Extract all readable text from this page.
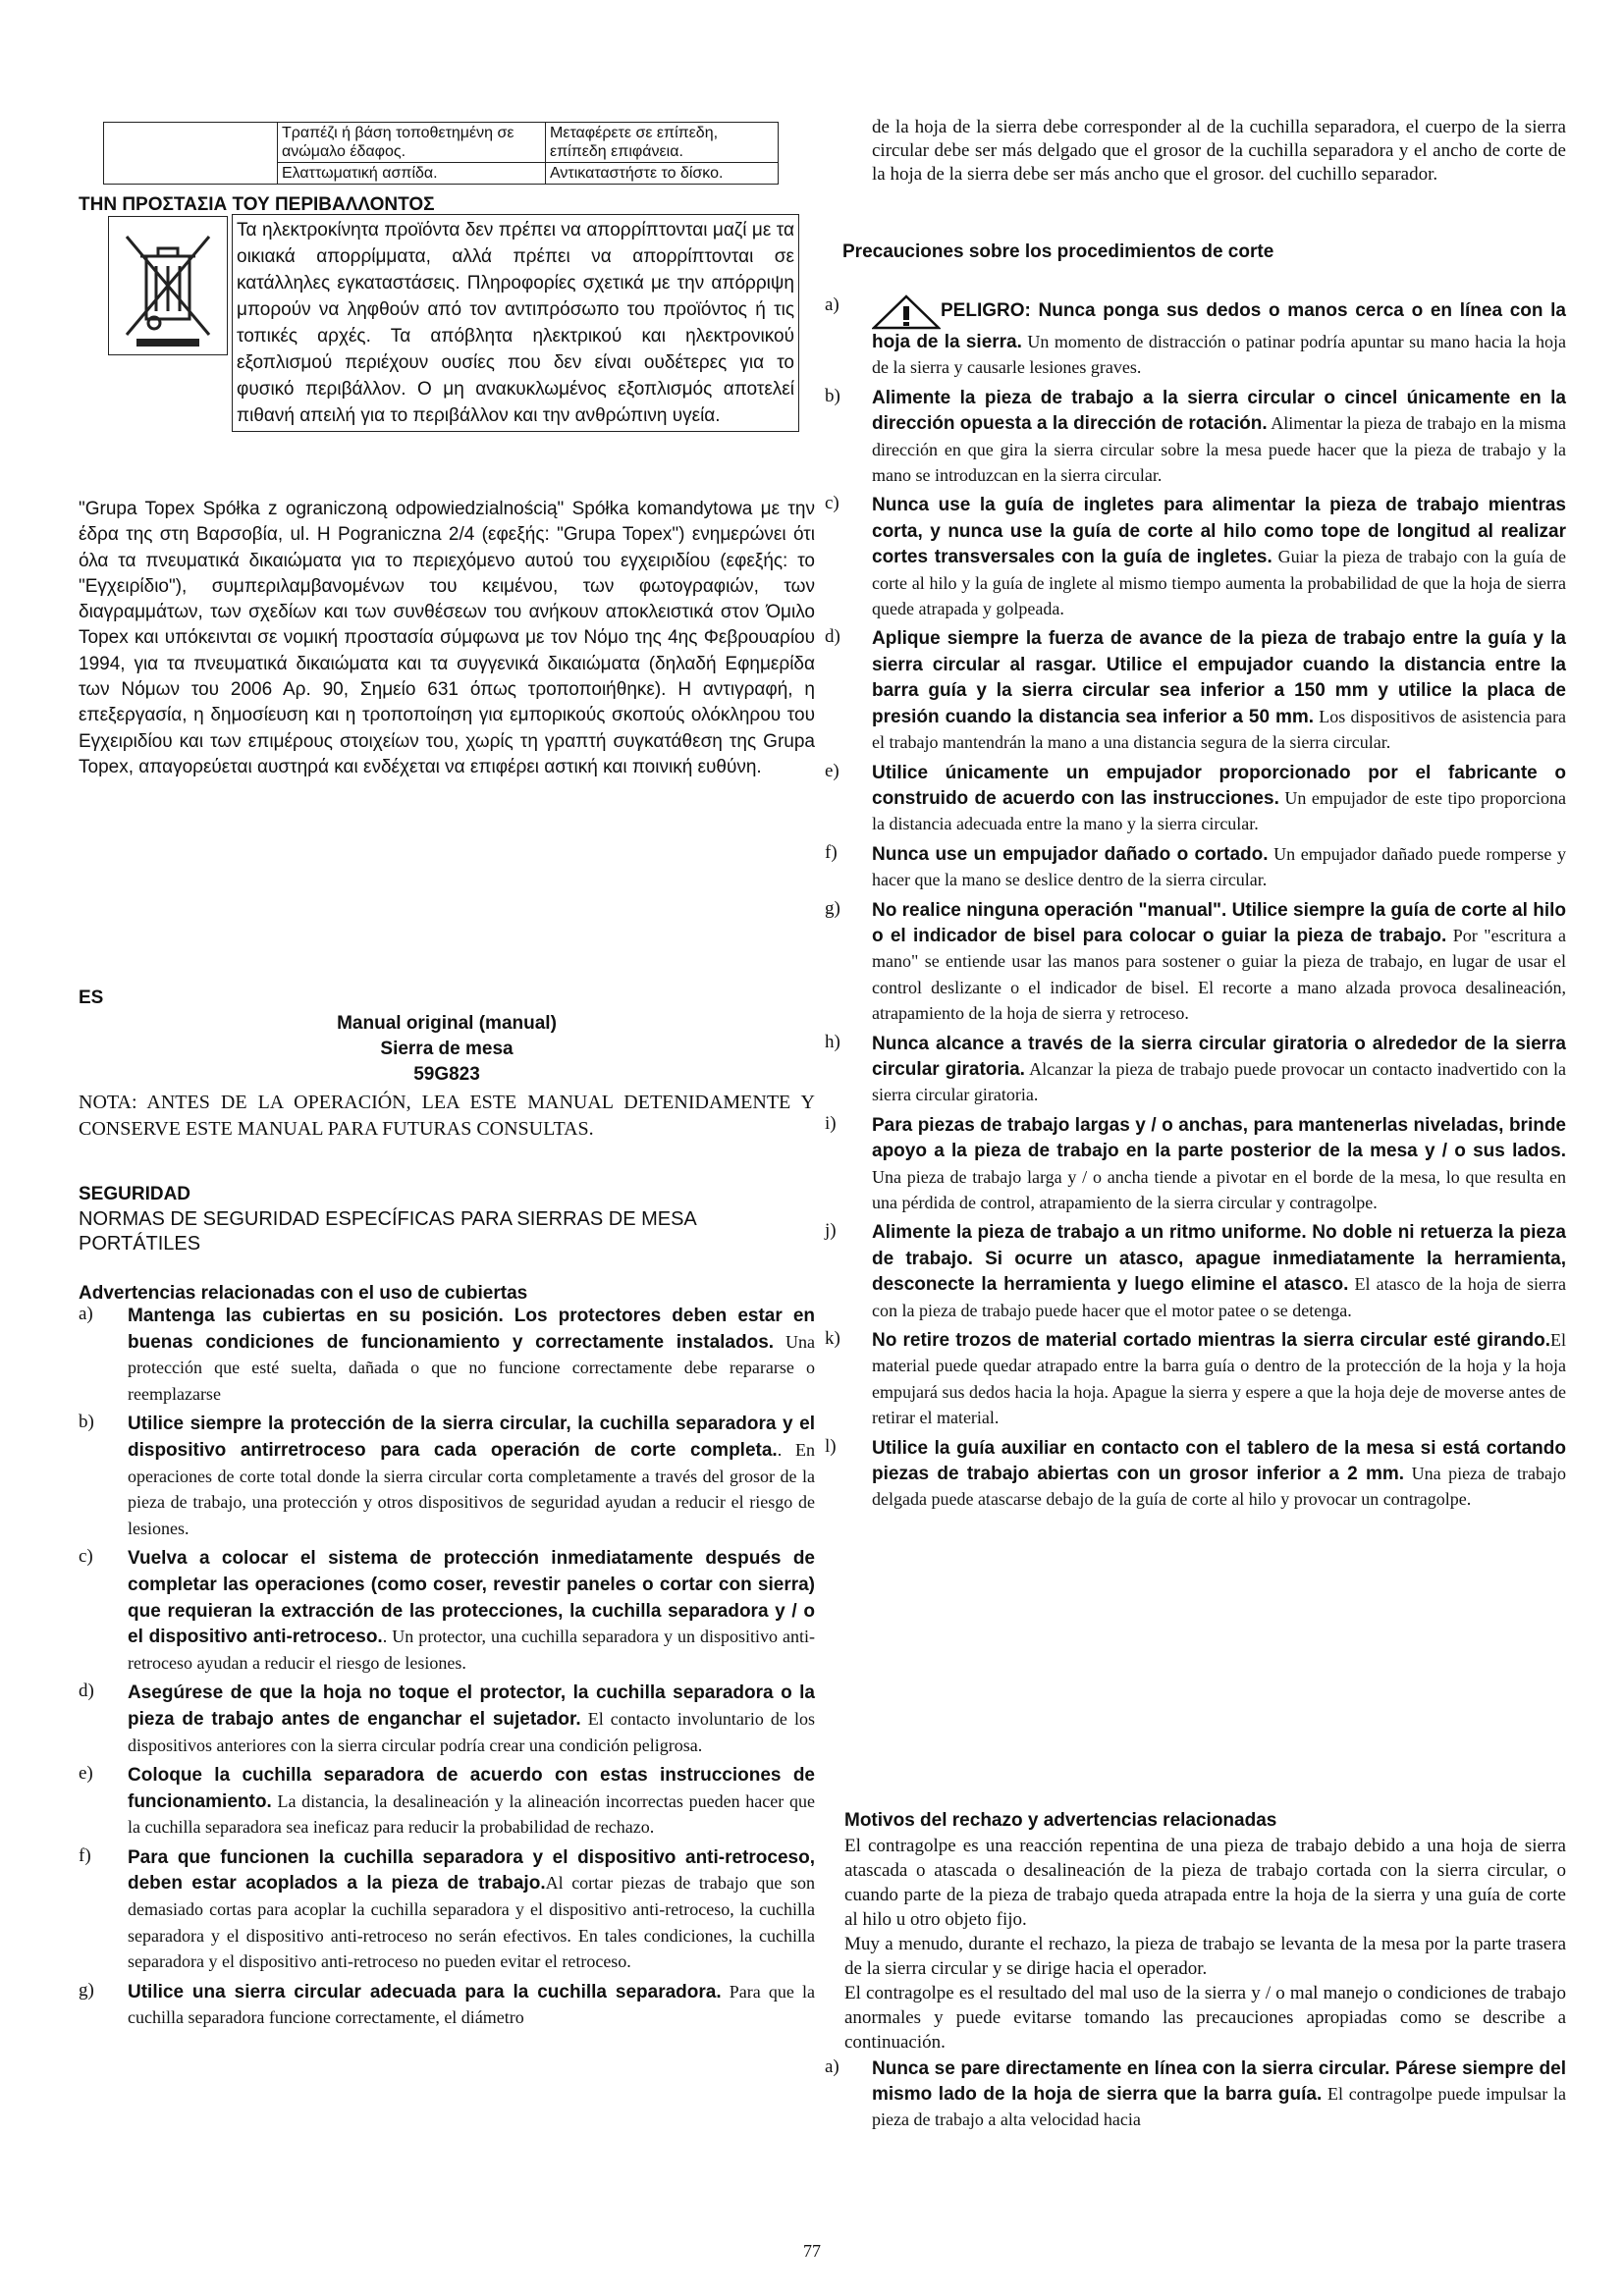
	Τραπέζι ή βάση τοποθετημένη σε ανώμαλο έδαφος.	Μεταφέρετε σε επίπεδη, επίπεδη επιφάνεια.
	Ελαττωματική ασπίδα.	Αντικαταστήστε το δίσκο.
ΤΗΝ ΠΡΟΣΤΑΣΙΑ ΤΟΥ ΠΕΡΙΒΑΛΛΟΝΤΟΣ
Τα ηλεκτροκίνητα προϊόντα δεν πρέπει να απορρίπτονται μαζί με τα οικιακά απορρίμματα, αλλά πρέπει να απορρίπτονται σε κατάλληλες εγκαταστάσεις. Πληροφορίες σχετικά με την απόρριψη μπορούν να ληφθούν από τον αντιπρόσωπο του προϊόντος ή τις τοπικές αρχές. Τα απόβλητα ηλεκτρικού και ηλεκτρονικού εξοπλισμού περιέχουν ουσίες που δεν είναι ουδέτερες για το φυσικό περιβάλλον. Ο μη ανακυκλωμένος εξοπλισμός αποτελεί πιθανή απειλή για το περιβάλλον και την ανθρώπινη υγεία.
"Grupa Topex Spółka z ograniczoną odpowiedzialnością" Spółka komandytowa με την έδρα της στη Βαρσοβία, ul. Η Pograniczna 2/4 (εφεξής: "Grupa Topex") ενημερώνει ότι όλα τα πνευματικά δικαιώματα για το περιεχόμενο αυτού του εγχειριδίου (εφεξής: το "Εγχειρίδιο"), συμπεριλαμβανομένων του κειμένου, των φωτογραφιών, των διαγραμμάτων, των σχεδίων και των συνθέσεων του ανήκουν αποκλειστικά στον Όμιλο Topex και υπόκεινται σε νομική προστασία σύμφωνα με τον Νόμο της 4ης Φεβρουαρίου 1994, για τα πνευματικά δικαιώματα και τα συγγενικά δικαιώματα (δηλαδή Εφημερίδα των Νόμων του 2006 Αρ. 90, Σημείο 631 όπως τροποποιήθηκε). Η αντιγραφή, η επεξεργασία, η δημοσίευση και η τροποποίηση για εμπορικούς σκοπούς ολόκληρου του Εγχειριδίου και των επιμέρους στοιχείων του, χωρίς τη γραπτή συγκατάθεση της Grupa Topex, απαγορεύεται αυστηρά και ενδέχεται να επιφέρει αστική και ποινική ευθύνη.
ES
Manual original (manual)
Sierra de mesa
59G823
NOTA: ANTES DE LA OPERACIÓN, LEA ESTE MANUAL DETENIDAMENTE Y CONSERVE ESTE MANUAL PARA FUTURAS CONSULTAS.
SEGURIDAD
NORMAS DE SEGURIDAD ESPECÍFICAS PARA SIERRAS DE MESA PORTÁTILES
Advertencias relacionadas con el uso de cubiertas
a) Mantenga las cubiertas en su posición. Los protectores deben estar en buenas condiciones de funcionamiento y correctamente instalados. Una protección que esté suelta, dañada o que no funcione correctamente debe repararse o reemplazarse
b) Utilice siempre la protección de la sierra circular, la cuchilla separadora y el dispositivo antirretroceso para cada operación de corte completa.. En operaciones de corte total donde la sierra circular corta completamente a través del grosor de la pieza de trabajo, una protección y otros dispositivos de seguridad ayudan a reducir el riesgo de lesiones.
c) Vuelva a colocar el sistema de protección inmediatamente después de completar las operaciones (como coser, revestir paneles o cortar con sierra) que requieran la extracción de las protecciones, la cuchilla separadora y / o el dispositivo anti-retroceso.. Un protector, una cuchilla separadora y un dispositivo anti-retroceso ayudan a reducir el riesgo de lesiones.
d) Asegúrese de que la hoja no toque el protector, la cuchilla separadora o la pieza de trabajo antes de enganchar el sujetador. El contacto involuntario de los dispositivos anteriores con la sierra circular podría crear una condición peligrosa.
e) Coloque la cuchilla separadora de acuerdo con estas instrucciones de funcionamiento. La distancia, la desalineación y la alineación incorrectas pueden hacer que la cuchilla separadora sea ineficaz para reducir la probabilidad de rechazo.
f) Para que funcionen la cuchilla separadora y el dispositivo anti-retroceso, deben estar acoplados a la pieza de trabajo.Al cortar piezas de trabajo que son demasiado cortas para acoplar la cuchilla separadora y el dispositivo anti-retroceso, la cuchilla separadora y el dispositivo anti-retroceso no serán efectivos. En tales condiciones, la cuchilla separadora y el dispositivo anti-retroceso no pueden evitar el retroceso.
g) Utilice una sierra circular adecuada para la cuchilla separadora. Para que la cuchilla separadora funcione correctamente, el diámetro
de la hoja de la sierra debe corresponder al de la cuchilla separadora, el cuerpo de la sierra circular debe ser más delgado que el grosor de la cuchilla separadora y el ancho de corte de la hoja de la sierra debe ser más ancho que el grosor. del cuchillo separador.
Precauciones sobre los procedimientos de corte
a)	PELIGRO: Nunca ponga sus dedos o manos cerca o en línea con la hoja de la sierra. Un momento de distracción o patinar podría apuntar su mano hacia la hoja de la sierra y causarle lesiones graves.
b) Alimente la pieza de trabajo a la sierra circular o cincel únicamente en la dirección opuesta a la dirección de rotación. Alimentar la pieza de trabajo en la misma dirección en que gira la sierra circular sobre la mesa puede hacer que la pieza de trabajo y la mano se introduzcan en la sierra circular.
c) Nunca use la guía de ingletes para alimentar la pieza de trabajo mientras corta, y nunca use la guía de corte al hilo como tope de longitud al realizar cortes transversales con la guía de ingletes. Guiar la pieza de trabajo con la guía de corte al hilo y la guía de inglete al mismo tiempo aumenta la probabilidad de que la hoja de sierra quede atrapada y golpeada.
d) Aplique siempre la fuerza de avance de la pieza de trabajo entre la guía y la sierra circular al rasgar. Utilice el empujador cuando la distancia entre la barra guía y la sierra circular sea inferior a 150 mm y utilice la placa de presión cuando la distancia sea inferior a 50 mm. Los dispositivos de asistencia para el trabajo mantendrán la mano a una distancia segura de la sierra circular.
e) Utilice únicamente un empujador proporcionado por el fabricante o construido de acuerdo con las instrucciones. Un empujador de este tipo proporciona la distancia adecuada entre la mano y la sierra circular.
f) Nunca use un empujador dañado o cortado. Un empujador dañado puede romperse y hacer que la mano se deslice dentro de la sierra circular.
g) No realice ninguna operación "manual". Utilice siempre la guía de corte al hilo o el indicador de bisel para colocar o guiar la pieza de trabajo. Por "escritura a mano" se entiende usar las manos para sostener o guiar la pieza de trabajo, en lugar de usar el control deslizante o el indicador de bisel. El recorte a mano alzada provoca desalineación, atrapamiento de la hoja de sierra y retroceso.
h) Nunca alcance a través de la sierra circular giratoria o alrededor de la sierra circular giratoria. Alcanzar la pieza de trabajo puede provocar un contacto inadvertido con la sierra circular giratoria.
i) Para piezas de trabajo largas y / o anchas, para mantenerlas niveladas, brinde apoyo a la pieza de trabajo en la parte posterior de la mesa y / o sus lados. Una pieza de trabajo larga y / o ancha tiende a pivotar en el borde de la mesa, lo que resulta en una pérdida de control, atrapamiento de la sierra circular y contragolpe.
j) Alimente la pieza de trabajo a un ritmo uniforme. No doble ni retuerza la pieza de trabajo. Si ocurre un atasco, apague inmediatamente la herramienta, desconecte la herramienta y luego elimine el atasco. El atasco de la hoja de sierra con la pieza de trabajo puede hacer que el motor patee o se detenga.
k) No retire trozos de material cortado mientras la sierra circular esté girando.El material puede quedar atrapado entre la barra guía o dentro de la protección de la hoja y la hoja empujará sus dedos hacia la hoja. Apague la sierra y espere a que la hoja deje de moverse antes de retirar el material.
l) Utilice la guía auxiliar en contacto con el tablero de la mesa si está cortando piezas de trabajo abiertas con un grosor inferior a 2 mm. Una pieza de trabajo delgada puede atascarse debajo de la guía de corte al hilo y provocar un contragolpe.
Motivos del rechazo y advertencias relacionadas
El contragolpe es una reacción repentina de una pieza de trabajo debido a una hoja de sierra atascada o atascada o desalineación de la pieza de trabajo cortada con la sierra circular, o cuando parte de la pieza de trabajo queda atrapada entre la hoja de la sierra y una guía de corte al hilo u otro objeto fijo.
Muy a menudo, durante el rechazo, la pieza de trabajo se levanta de la mesa por la parte trasera de la sierra circular y se dirige hacia el operador.
El contragolpe es el resultado del mal uso de la sierra y / o mal manejo o condiciones de trabajo anormales y puede evitarse tomando las precauciones apropiadas como se describe a continuación.
a) Nunca se pare directamente en línea con la sierra circular. Párese siempre del mismo lado de la hoja de sierra que la barra guía. El contragolpe puede impulsar la pieza de trabajo a alta velocidad hacia
77
